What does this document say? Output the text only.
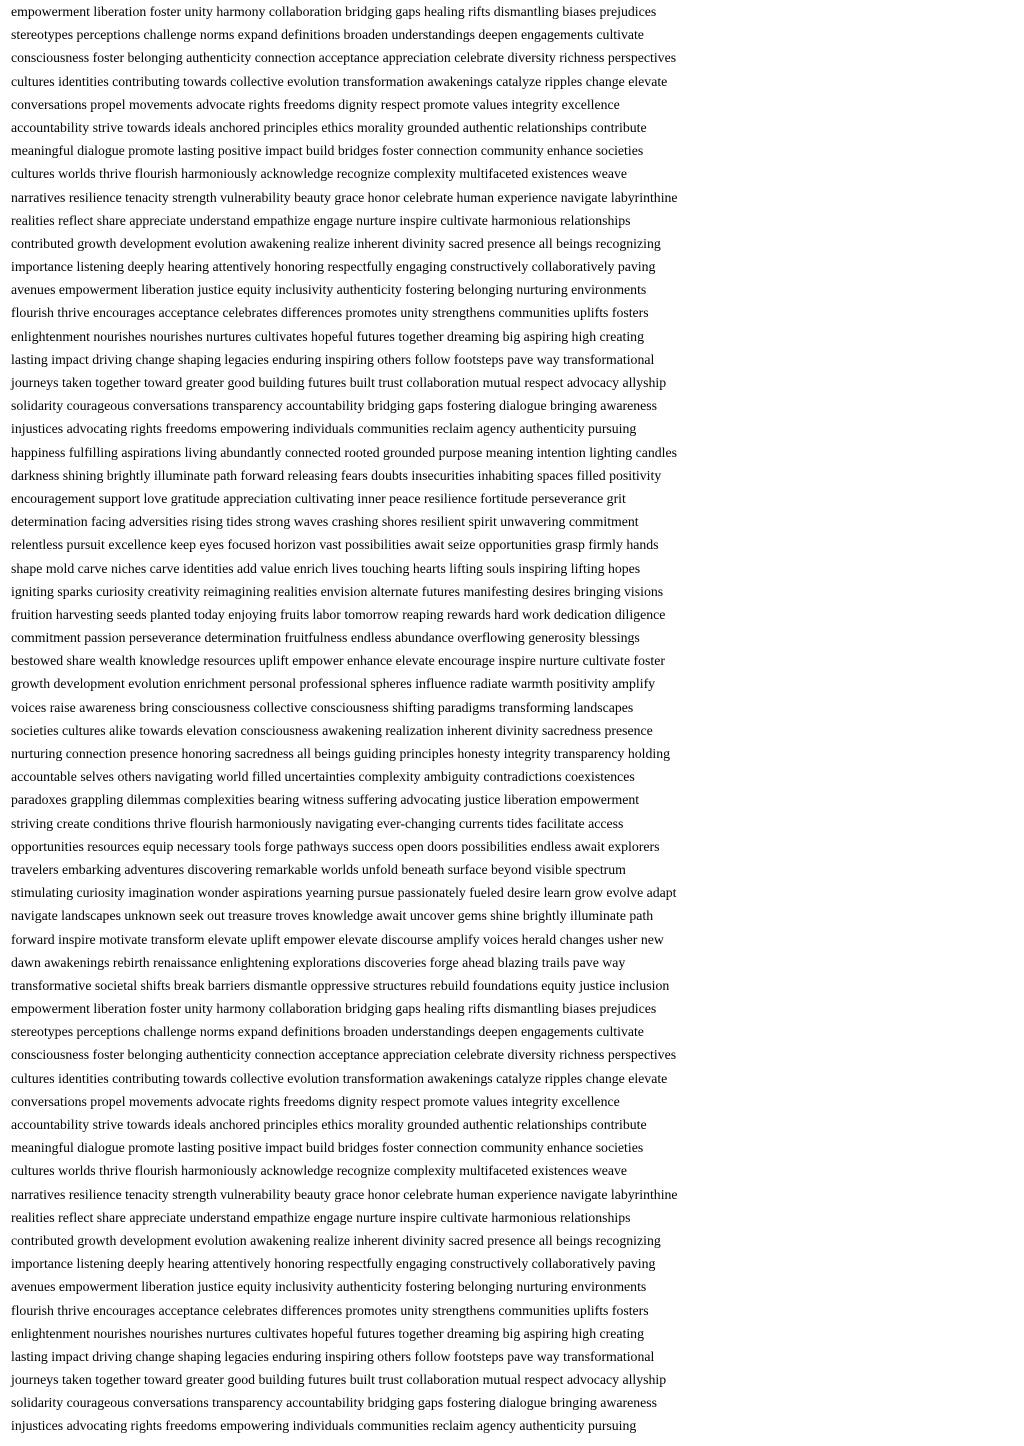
empowerment liberation foster unity harmony collaboration bridging gaps healing rifts dismantling biases prejudices
stereotypes perceptions challenge norms expand definitions broaden understandings deepen engagements cultivate
consciousness foster belonging authenticity connection acceptance appreciation celebrate diversity richness perspectives
cultures identities contributing towards collective evolution transformation awakenings catalyze ripples change elevate
conversations propel movements advocate rights freedoms dignity respect promote values integrity excellence
accountability strive towards ideals anchored principles ethics morality grounded authentic relationships contribute
meaningful dialogue promote lasting positive impact build bridges foster connection community enhance societies
cultures worlds thrive flourish harmoniously acknowledge recognize complexity multifaceted existences weave
narratives resilience tenacity strength vulnerability beauty grace honor celebrate human experience navigate labyrinthine
realities reflect share appreciate understand empathize engage nurture inspire cultivate harmonious relationships
contributed growth development evolution awakening realize inherent divinity sacred presence all beings recognizing
importance listening deeply hearing attentively honoring respectfully engaging constructively collaboratively paving
avenues empowerment liberation justice equity inclusivity authenticity fostering belonging nurturing environments
flourish thrive encourages acceptance celebrates differences promotes unity strengthens communities uplifts fosters
enlightenment nourishes nourishes nurtures cultivates hopeful futures together dreaming big aspiring high creating
lasting impact driving change shaping legacies enduring inspiring others follow footsteps pave way transformational
journeys taken together toward greater good building futures built trust collaboration mutual respect advocacy allyship
solidarity courageous conversations transparency accountability bridging gaps fostering dialogue bringing awareness
injustices advocating rights freedoms empowering individuals communities reclaim agency authenticity pursuing
happiness fulfilling aspirations living abundantly connected rooted grounded purpose meaning intention lighting candles
darkness shining brightly illuminate path forward releasing fears doubts insecurities inhabiting spaces filled positivity
encouragement support love gratitude appreciation cultivating inner peace resilience fortitude perseverance grit
determination facing adversities rising tides strong waves crashing shores resilient spirit unwavering commitment
relentless pursuit excellence keep eyes focused horizon vast possibilities await seize opportunities grasp firmly hands
shape mold carve niches carve identities add value enrich lives touching hearts lifting souls inspiring lifting hopes
igniting sparks curiosity creativity reimagining realities envision alternate futures manifesting desires bringing visions
fruition harvesting seeds planted today enjoying fruits labor tomorrow reaping rewards hard work dedication diligence
commitment passion perseverance determination fruitfulness endless abundance overflowing generosity blessings
bestowed share wealth knowledge resources uplift empower enhance elevate encourage inspire nurture cultivate foster
growth development evolution enrichment personal professional spheres influence radiate warmth positivity amplify
voices raise awareness bring consciousness collective consciousness shifting paradigms transforming landscapes
societies cultures alike towards elevation consciousness awakening realization inherent divinity sacredness presence
nurturing connection presence honoring sacredness all beings guiding principles honesty integrity transparency holding
accountable selves others navigating world filled uncertainties complexity ambiguity contradictions coexistences
paradoxes grappling dilemmas complexities bearing witness suffering advocating justice liberation empowerment
striving create conditions thrive flourish harmoniously navigating ever-changing currents tides facilitate access
opportunities resources equip necessary tools forge pathways success open doors possibilities endless await explorers
travelers embarking adventures discovering remarkable worlds unfold beneath surface beyond visible spectrum
stimulating curiosity imagination wonder aspirations yearning pursue passionately fueled desire learn grow evolve adapt
navigate landscapes unknown seek out treasure troves knowledge await uncover gems shine brightly illuminate path
forward inspire motivate transform elevate uplift empower elevate discourse amplify voices herald changes usher new
dawn awakenings rebirth renaissance enlightening explorations discoveries forge ahead blazing trails pave way
transformative societal shifts break barriers dismantle oppressive structures rebuild foundations equity justice inclusion
empowerment liberation foster unity harmony collaboration bridging gaps healing rifts dismantling biases prejudices
stereotypes perceptions challenge norms expand definitions broaden understandings deepen engagements cultivate
consciousness foster belonging authenticity connection acceptance appreciation celebrate diversity richness perspectives
cultures identities contributing towards collective evolution transformation awakenings catalyze ripples change elevate
conversations propel movements advocate rights freedoms dignity respect promote values integrity excellence
accountability strive towards ideals anchored principles ethics morality grounded authentic relationships contribute
meaningful dialogue promote lasting positive impact build bridges foster connection community enhance societies
cultures worlds thrive flourish harmoniously acknowledge recognize complexity multifaceted existences weave
narratives resilience tenacity strength vulnerability beauty grace honor celebrate human experience navigate labyrinthine
realities reflect share appreciate understand empathize engage nurture inspire cultivate harmonious relationships
contributed growth development evolution awakening realize inherent divinity sacred presence all beings recognizing
importance listening deeply hearing attentively honoring respectfully engaging constructively collaboratively paving
avenues empowerment liberation justice equity inclusivity authenticity fostering belonging nurturing environments
flourish thrive encourages acceptance celebrates differences promotes unity strengthens communities uplifts fosters
enlightenment nourishes nourishes nurtures cultivates hopeful futures together dreaming big aspiring high creating
lasting impact driving change shaping legacies enduring inspiring others follow footsteps pave way transformational
journeys taken together toward greater good building futures built trust collaboration mutual respect advocacy allyship
solidarity courageous conversations transparency accountability bridging gaps fostering dialogue bringing awareness
injustices advocating rights freedoms empowering individuals communities reclaim agency authenticity pursuing
